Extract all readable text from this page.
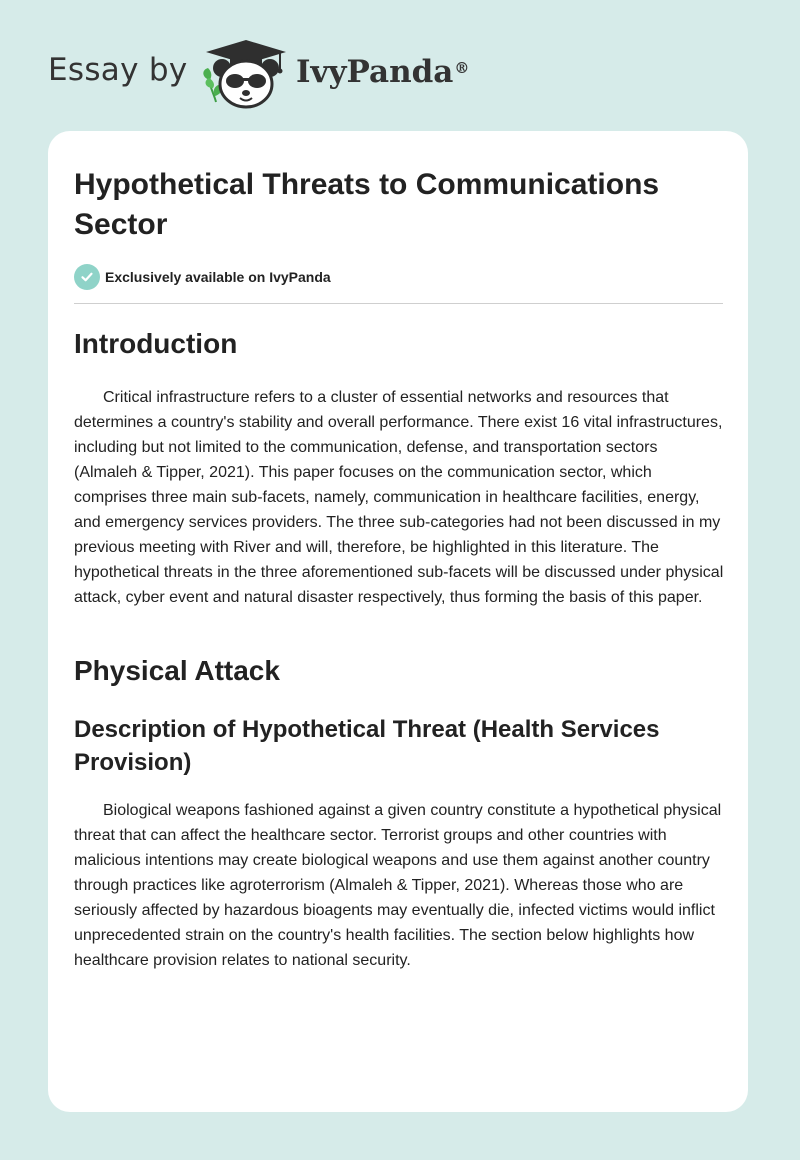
Essay by	IvyPanda®
Hypothetical Threats to Communications Sector
Exclusively available on IvyPanda
Introduction

Critical infrastructure refers to a cluster of essential networks and resources that determines a country's stability and overall performance. There exist 16 vital infrastructures, including but not limited to the communication, defense, and transportation sectors (Almaleh & Tipper, 2021). This paper focuses on the communication sector, which comprises three main sub-facets, namely, communication in healthcare facilities, energy, and emergency services providers. The three sub-categories had not been discussed in my previous meeting with River and will, therefore, be highlighted in this literature. The hypothetical threats in the three aforementioned sub-facets will be discussed under physical attack, cyber event and natural disaster respectively, thus forming the basis of this paper.

Physical Attack
Description of Hypothetical Threat (Health Services Provision)

Biological weapons fashioned against a given country constitute a hypothetical physical threat that can affect the healthcare sector. Terrorist groups and other countries with malicious intentions may create biological weapons and use them against another country through practices like agroterrorism (Almaleh & Tipper, 2021). Whereas those who are seriously affected by hazardous bioagents may eventually die, infected victims would inflict unprecedented strain on the country's health facilities. The section below highlights how healthcare provision relates to national security.
